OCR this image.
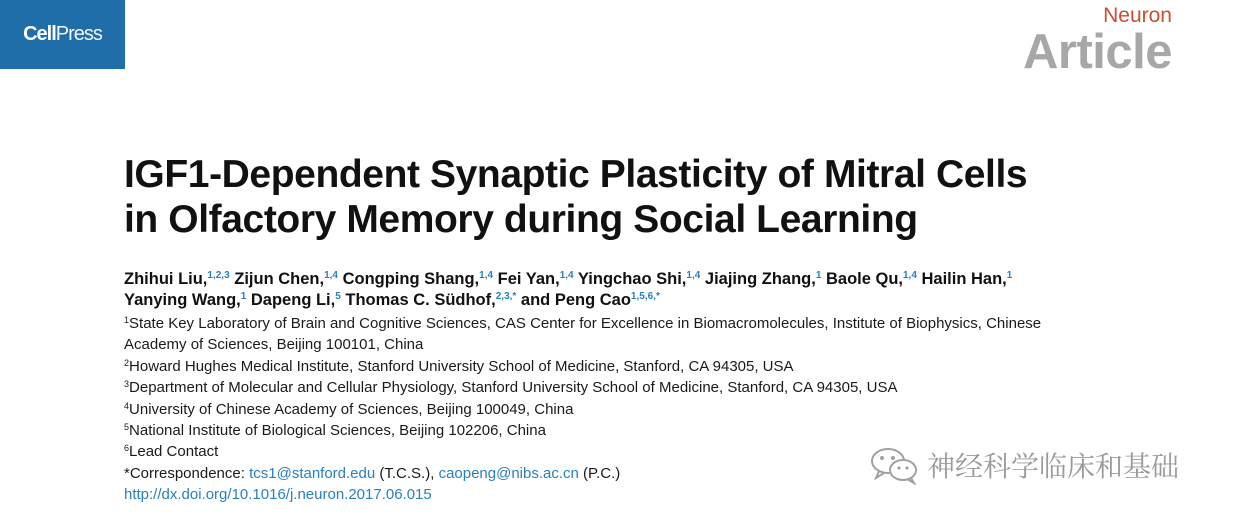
Cell Press
Neuron
Article
IGF1-Dependent Synaptic Plasticity of Mitral Cells
in Olfactory Memory during Social Learning
Zhihui Liu,$^{1,2,3}$ Zijun Chen,$^{1,4}$ Congping Shang,$^{1,4}$ Fei Yan,$^{1,4}$ Yingchao Shi,$^{1,4}$ Jiajing Zhang,$^1$ Baole Qu,$^{1,4}$ Hailin Han,$^1$
Yanying Wang,$^1$ Dapeng Li,$^5$ Thomas C. Südhof,$^{2,3,*}$ and Peng Cao$^{1,5,6,*}$
$^1$State Key Laboratory of Brain and Cognitive Sciences, CAS Center for Excellence in Biomacromolecules, Institute of Biophysics, Chinese
Academy of Sciences, Beijing 100101, China
$^2$Howard Hughes Medical Institute, Stanford University School of Medicine, Stanford, CA 94305, USA
$^3$Department of Molecular and Cellular Physiology, Stanford University School of Medicine, Stanford, CA 94305, USA
$^4$University of Chinese Academy of Sciences, Beijing 100049, China
$^5$National Institute of Biological Sciences, Beijing 102206, China
$^6$Lead Contact
*Correspondence: tcs1@stanford.edu (T.C.S.), caopeng@nibs.ac.cn (P.C.)
http://dx.doi.org/10.1016/j.neuron.2017.06.015
神经科学临床和基础
